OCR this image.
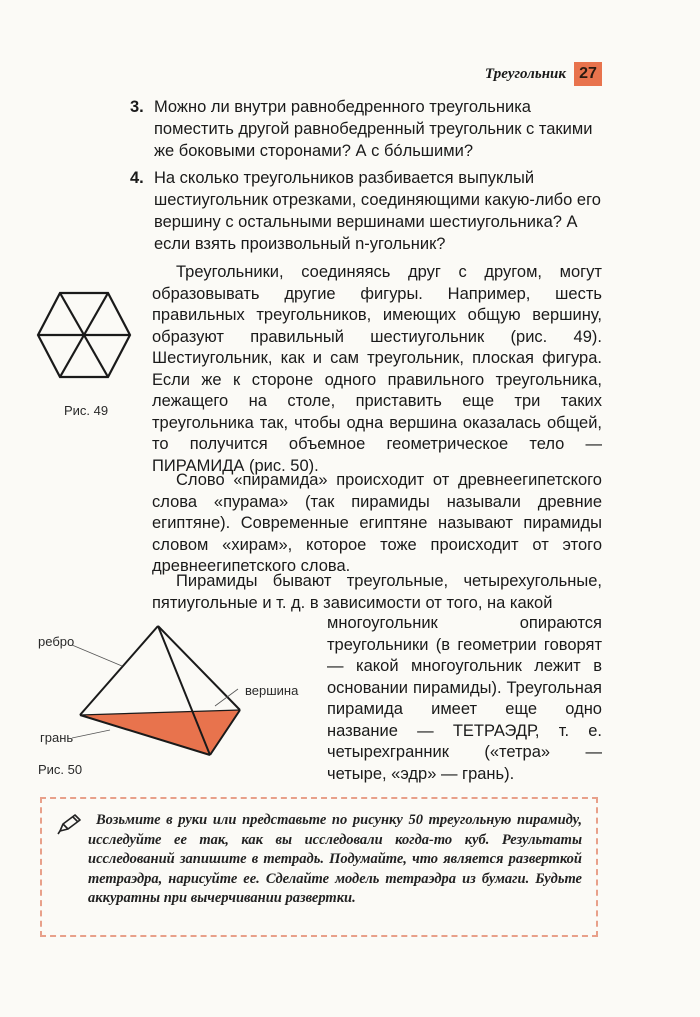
Треугольник 27
3. Можно ли внутри равнобедренного треугольника поместить другой равнобедренный треугольник с такими же боковыми сторонами? А с бóльшими?
4. На сколько треугольников разбивается выпуклый шестиугольник отрезками, соединяющими какую-либо его вершину с остальными вершинами шестиугольника? А если взять произвольный n-угольник?
Рис. 49
Треугольники, соединяясь друг с другом, могут образовывать другие фигуры. Например, шесть правильных треугольников, имеющих общую вершину, образуют правильный шестиугольник (рис. 49). Шестиугольник, как и сам треугольник, плоская фигура. Если же к стороне одного правильного треугольника, лежащего на столе, приставить еще три таких треугольника так, чтобы одна вершина оказалась общей, то получится объемное геометрическое тело — ПИРАМИДА (рис. 50).
Слово «пирамида» происходит от древнеегипетского слова «пурама» (так пирамиды называли древние египтяне). Современные египтяне называют пирамиды словом «хирам», которое тоже происходит от этого древнеегипетского слова.
Пирамиды бывают треугольные, четырехугольные, пятиугольные и т. д. в зависимости от того, на какой
многоугольник опираются треугольники (в геометрии говорят — какой многоугольник лежит в основании пирамиды). Треугольная пирамида имеет еще одно название — ТЕТРАЭДР, т. е. четырехгранник («тетра» — четыре, «эдр» — грань).
ребро
вершина
грань
Рис. 50
Возьмите в руки или представьте по рисунку 50 треугольную пирамиду, исследуйте ее так, как вы исследовали когда-то куб. Результаты исследований запишите в тетрадь. Подумайте, что является разверткой тетраэдра, нарисуйте ее. Сделайте модель тетраэдра из бумаги. Будьте аккуратны при вычерчивании развертки.
